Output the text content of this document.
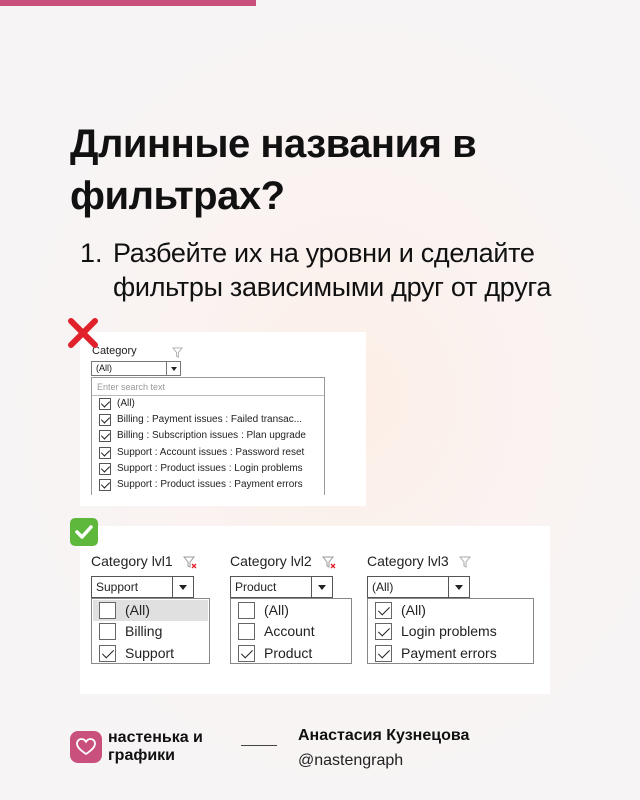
Длинные названия в
фильтрах?
1. Разбейте их на уровни и сделайте
фильтры зависимыми друг от друга
Category
(All)
Enter search text
(All)
Billing : Payment issues : Failed transac...
Billing : Subscription issues : Plan upgrade
Support : Account issues : Password reset
Support : Product issues : Login problems
Support : Product issues : Payment errors
Category lvl1
Support
(All)
Billing
Support
Category lvl2
Product
(All)
Account
Product
Category lvl3
(All)
(All)
Login problems
Payment errors
настенька и
графики
Анастасия Кузнецова
@nastengraph
